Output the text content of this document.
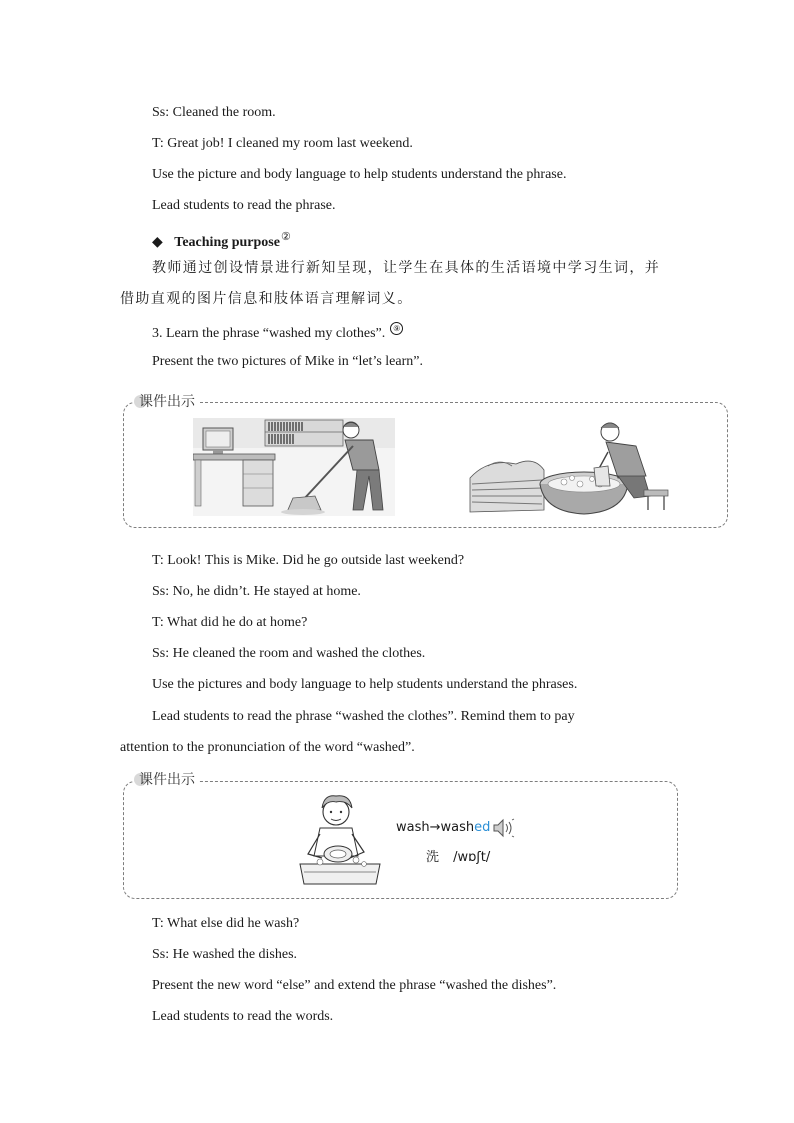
Ss: Cleaned the room.
T: Great job! I cleaned my room last weekend.
Use the picture and body language to help students understand the phrase.
Lead students to read the phrase.
◆ Teaching purpose②
教师通过创设情景进行新知呈现，让学生在具体的生活语境中学习生词，并
借助直观的图片信息和肢体语言理解词义。
3. Learn the phrase “washed my clothes”. ⑨
Present the two pictures of Mike in “let’s learn”.
课件出示
T: Look! This is Mike. Did he go outside last weekend?
Ss: No, he didn’t. He stayed at home.
T: What did he do at home?
Ss: He cleaned the room and washed the clothes.
Use the pictures and body language to help students understand the phrases.
Lead students to read the phrase “washed the clothes”. Remind them to pay
attention to the pronunciation of the word “washed”.
课件出示
wash→washed
洗 /wɒʃt/
T: What else did he wash?
Ss: He washed the dishes.
Present the new word “else” and extend the phrase “washed the dishes”.
Lead students to read the words.
